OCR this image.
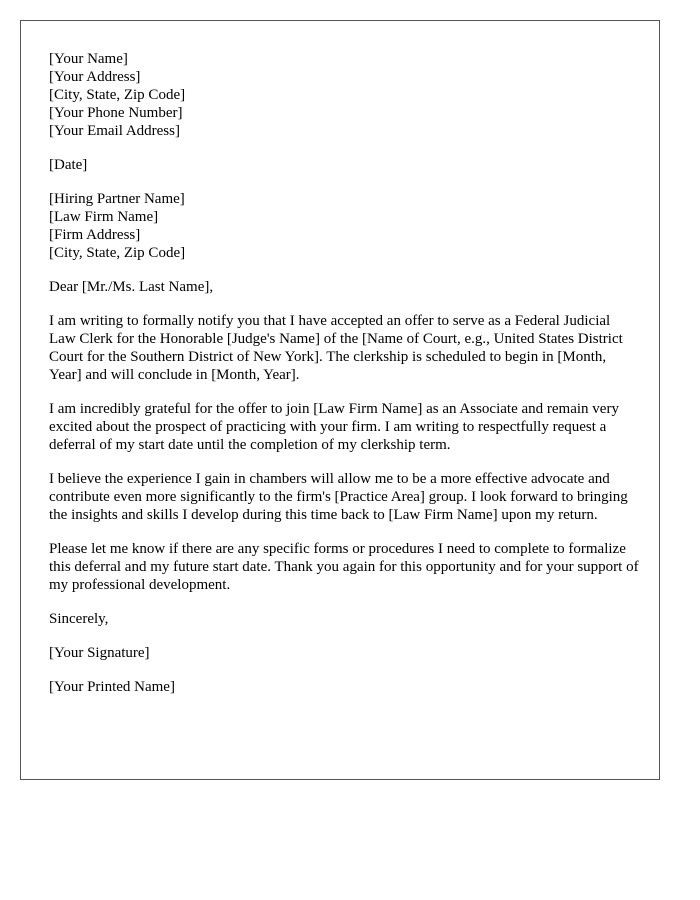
[Your Name]

[Your Address]

[City, State, Zip Code]

[Your Phone Number]

[Your Email Address]

[Date]

[Hiring Partner Name]

[Law Firm Name]

[Firm Address]

[City, State, Zip Code]

Dear [Mr./Ms. Last Name],

I am writing to formally notify you that I have accepted an offer to serve as a Federal Judicial Law Clerk for the Honorable [Judge's Name] of the [Name of Court, e.g., United States District Court for the Southern District of New York]. The clerkship is scheduled to begin in [Month, Year] and will conclude in [Month, Year].

I am incredibly grateful for the offer to join [Law Firm Name] as an Associate and remain very excited about the prospect of practicing with your firm. I am writing to respectfully request a deferral of my start date until the completion of my clerkship term.

I believe the experience I gain in chambers will allow me to be a more effective advocate and contribute even more significantly to the firm's [Practice Area] group. I look forward to bringing the insights and skills I develop during this time back to [Law Firm Name] upon my return.

Please let me know if there are any specific forms or procedures I need to complete to formalize this deferral and my future start date. Thank you again for this opportunity and for your support of my professional development.

Sincerely,

[Your Signature]

[Your Printed Name]
